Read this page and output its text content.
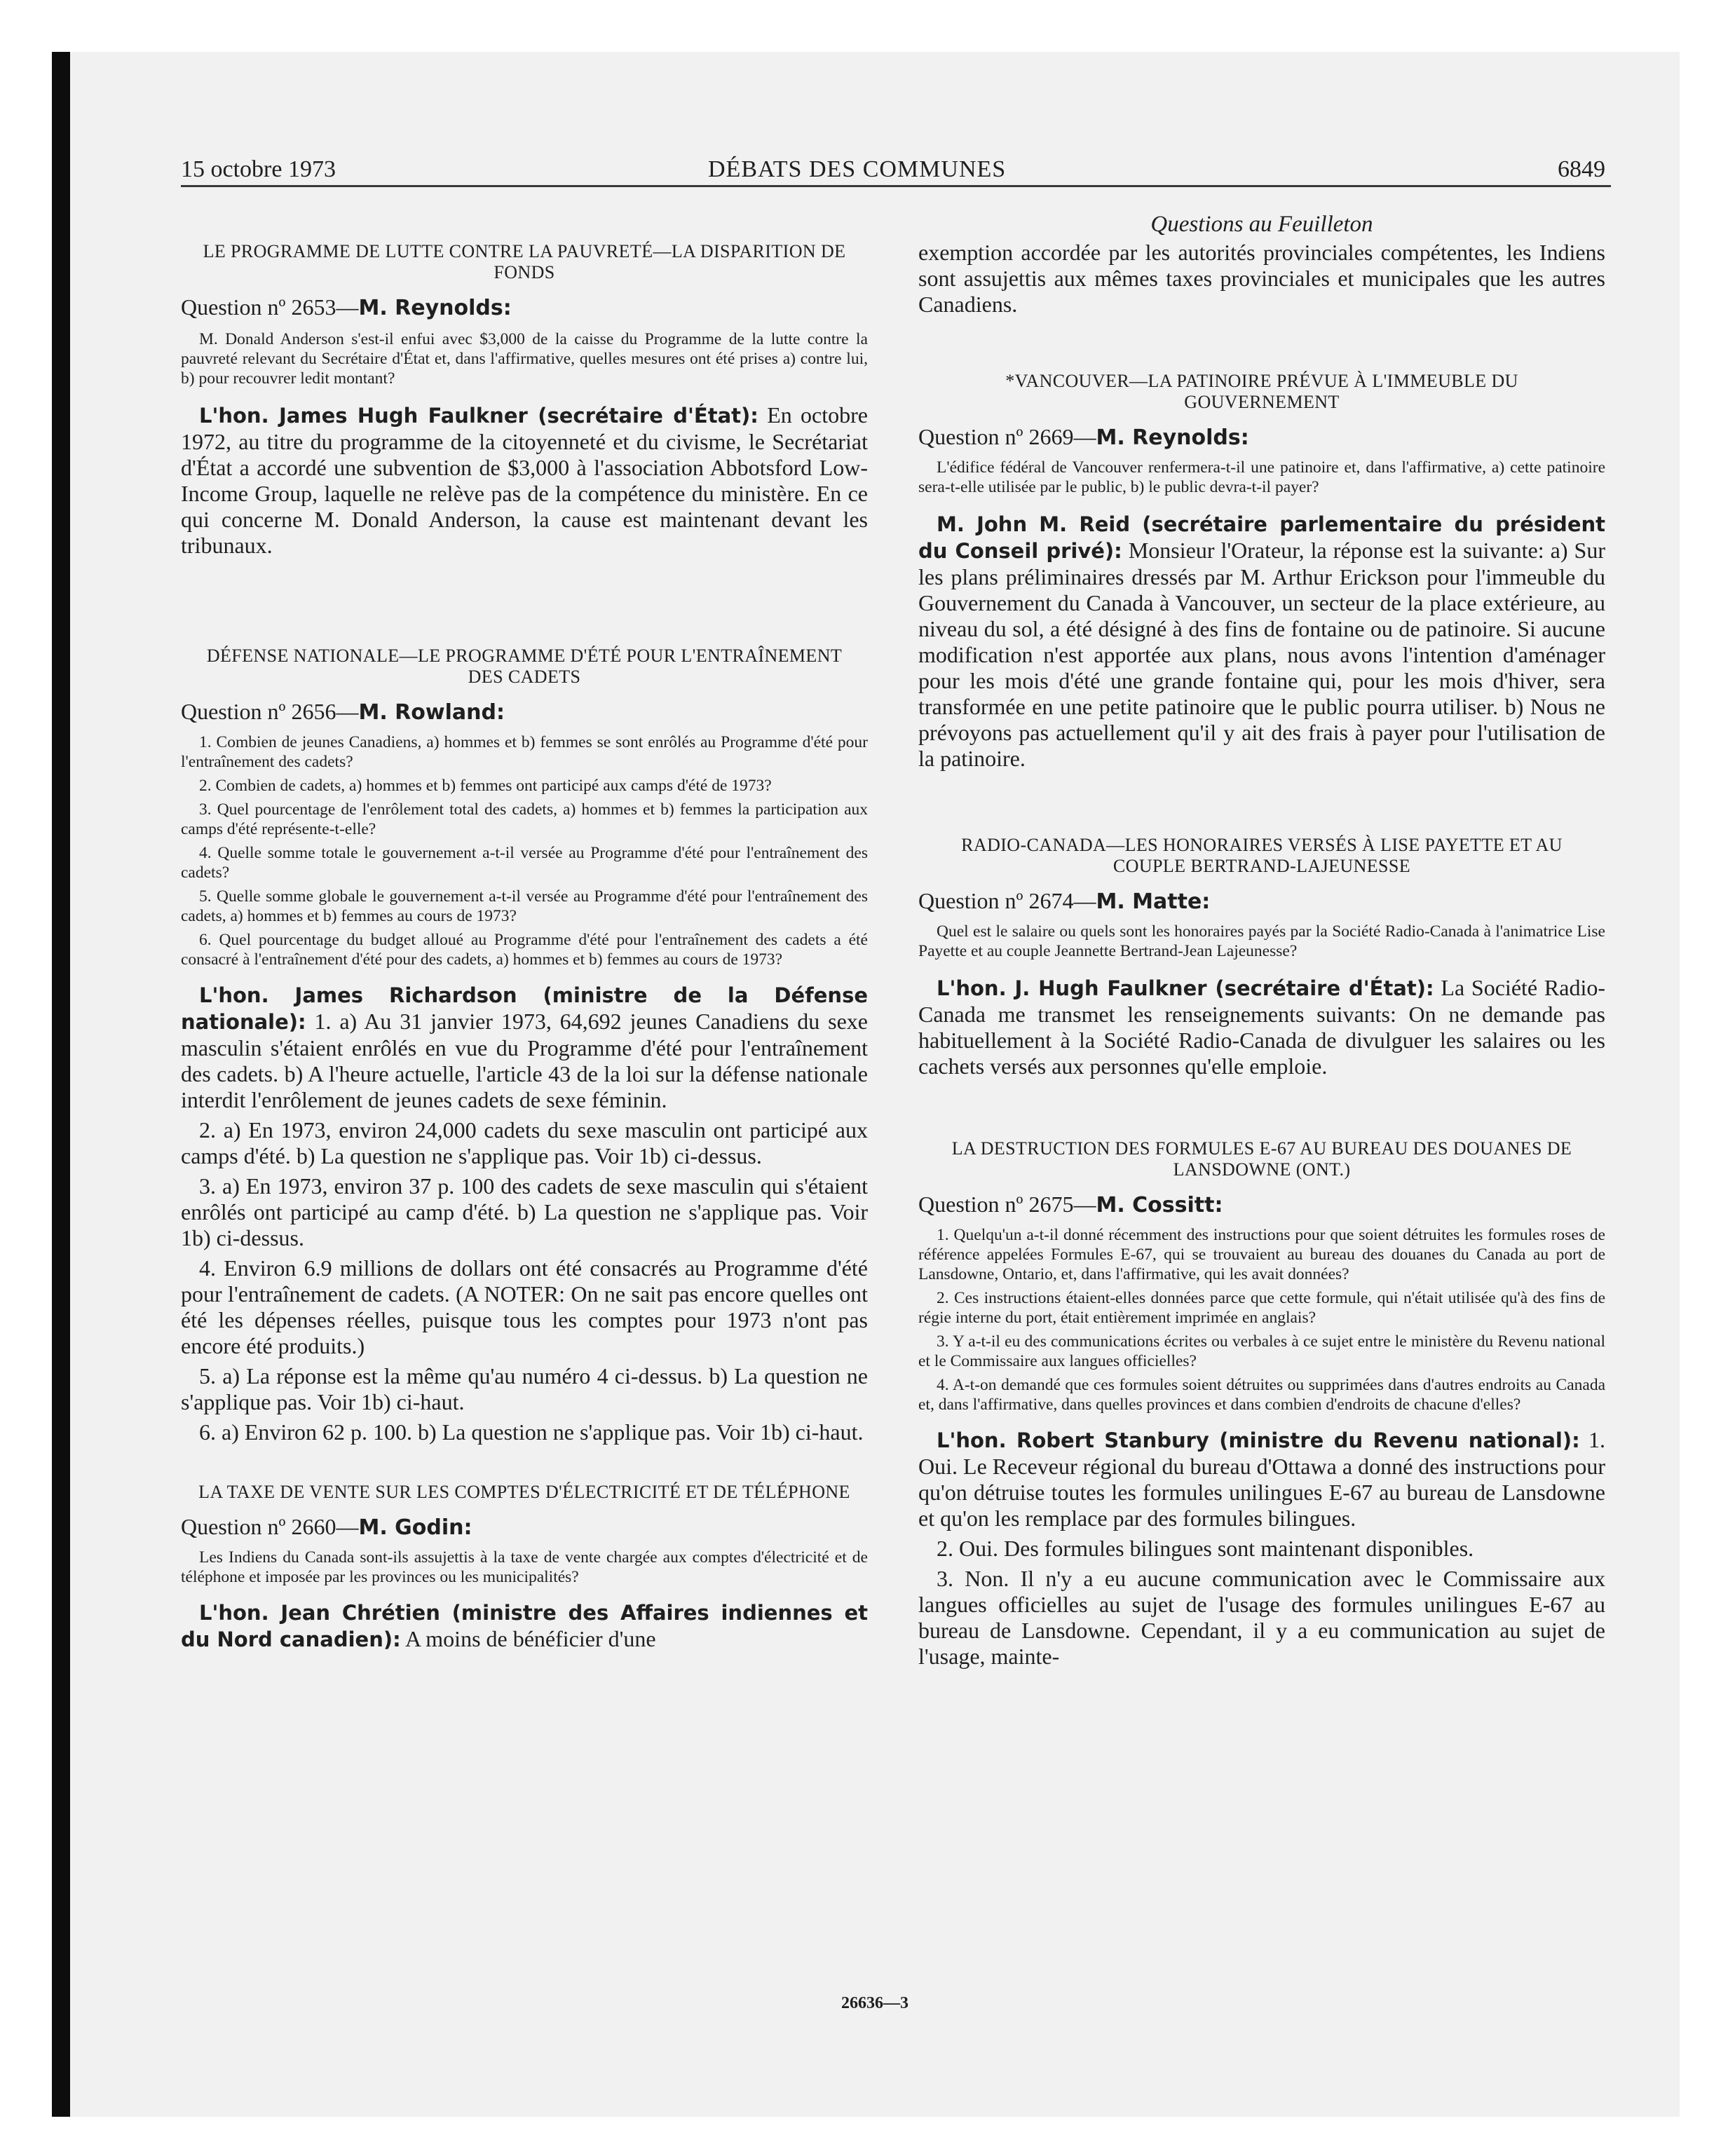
15 octobre 1973	DÉBATS DES COMMUNES	6849
LE PROGRAMME DE LUTTE CONTRE LA PAUVRETÉ—LA DISPARITION DE FONDS
Question nº 2653—M. Reynolds:

M. Donald Anderson s'est-il enfui avec $3,000 de la caisse du Programme de la lutte contre la pauvreté relevant du Secrétaire d'État et, dans l'affirmative, quelles mesures ont été prises a) contre lui, b) pour recouvrer ledit montant?

L'hon. James Hugh Faulkner (secrétaire d'État): En octobre 1972, au titre du programme de la citoyenneté et du civisme, le Secrétariat d'État a accordé une subvention de $3,000 à l'association Abbotsford Low-Income Group, laquelle ne relève pas de la compétence du ministère. En ce qui concerne M. Donald Anderson, la cause est maintenant devant les tribunaux.

DÉFENSE NATIONALE—LE PROGRAMME D'ÉTÉ POUR L'ENTRAÎNEMENT DES CADETS
Question nº 2656—M. Rowland:

1. Combien de jeunes Canadiens, a) hommes et b) femmes se sont enrôlés au Programme d'été pour l'entraînement des cadets?

2. Combien de cadets, a) hommes et b) femmes ont participé aux camps d'été de 1973?

3. Quel pourcentage de l'enrôlement total des cadets, a) hommes et b) femmes la participation aux camps d'été représente-t-elle?

4. Quelle somme totale le gouvernement a-t-il versée au Programme d'été pour l'entraînement des cadets?

5. Quelle somme globale le gouvernement a-t-il versée au Programme d'été pour l'entraînement des cadets, a) hommes et b) femmes au cours de 1973?

6. Quel pourcentage du budget alloué au Programme d'été pour l'entraînement des cadets a été consacré à l'entraînement d'été pour des cadets, a) hommes et b) femmes au cours de 1973?

L'hon. James Richardson (ministre de la Défense nationale): 1. a) Au 31 janvier 1973, 64,692 jeunes Canadiens du sexe masculin s'étaient enrôlés en vue du Programme d'été pour l'entraînement des cadets. b) A l'heure actuelle, l'article 43 de la loi sur la défense nationale interdit l'enrôlement de jeunes cadets de sexe féminin.

2. a) En 1973, environ 24,000 cadets du sexe masculin ont participé aux camps d'été. b) La question ne s'applique pas. Voir 1b) ci-dessus.

3. a) En 1973, environ 37 p. 100 des cadets de sexe masculin qui s'étaient enrôlés ont participé au camp d'été. b) La question ne s'applique pas. Voir 1b) ci-dessus.

4. Environ 6.9 millions de dollars ont été consacrés au Programme d'été pour l'entraînement de cadets. (A NOTER: On ne sait pas encore quelles ont été les dépenses réelles, puisque tous les comptes pour 1973 n'ont pas encore été produits.)

5. a) La réponse est la même qu'au numéro 4 ci-dessus. b) La question ne s'applique pas. Voir 1b) ci-haut.

6. a) Environ 62 p. 100. b) La question ne s'applique pas. Voir 1b) ci-haut.

LA TAXE DE VENTE SUR LES COMPTES D'ÉLECTRICITÉ ET DE TÉLÉPHONE
Question nº 2660—M. Godin:

Les Indiens du Canada sont-ils assujettis à la taxe de vente chargée aux comptes d'électricité et de téléphone et imposée par les provinces ou les municipalités?

L'hon. Jean Chrétien (ministre des Affaires indiennes et du Nord canadien): A moins de bénéficier d'une

Questions au Feuilleton

exemption accordée par les autorités provinciales compétentes, les Indiens sont assujettis aux mêmes taxes provinciales et municipales que les autres Canadiens.

*VANCOUVER—LA PATINOIRE PRÉVUE À L'IMMEUBLE DU GOUVERNEMENT
Question nº 2669—M. Reynolds:

L'édifice fédéral de Vancouver renfermera-t-il une patinoire et, dans l'affirmative, a) cette patinoire sera-t-elle utilisée par le public, b) le public devra-t-il payer?

M. John M. Reid (secrétaire parlementaire du président du Conseil privé): Monsieur l'Orateur, la réponse est la suivante: a) Sur les plans préliminaires dressés par M. Arthur Erickson pour l'immeuble du Gouvernement du Canada à Vancouver, un secteur de la place extérieure, au niveau du sol, a été désigné à des fins de fontaine ou de patinoire. Si aucune modification n'est apportée aux plans, nous avons l'intention d'aménager pour les mois d'été une grande fontaine qui, pour les mois d'hiver, sera transformée en une petite patinoire que le public pourra utiliser. b) Nous ne prévoyons pas actuellement qu'il y ait des frais à payer pour l'utilisation de la patinoire.

RADIO-CANADA—LES HONORAIRES VERSÉS À LISE PAYETTE ET AU COUPLE BERTRAND-LAJEUNESSE
Question nº 2674—M. Matte:

Quel est le salaire ou quels sont les honoraires payés par la Société Radio-Canada à l'animatrice Lise Payette et au couple Jeannette Bertrand-Jean Lajeunesse?

L'hon. J. Hugh Faulkner (secrétaire d'État): La Société Radio-Canada me transmet les renseignements suivants: On ne demande pas habituellement à la Société Radio-Canada de divulguer les salaires ou les cachets versés aux personnes qu'elle emploie.

LA DESTRUCTION DES FORMULES E-67 AU BUREAU DES DOUANES DE LANSDOWNE (ONT.)
Question nº 2675—M. Cossitt:

1. Quelqu'un a-t-il donné récemment des instructions pour que soient détruites les formules roses de référence appelées Formules E-67, qui se trouvaient au bureau des douanes du Canada au port de Lansdowne, Ontario, et, dans l'affirmative, qui les avait données?

2. Ces instructions étaient-elles données parce que cette formule, qui n'était utilisée qu'à des fins de régie interne du port, était entièrement imprimée en anglais?

3. Y a-t-il eu des communications écrites ou verbales à ce sujet entre le ministère du Revenu national et le Commissaire aux langues officielles?

4. A-t-on demandé que ces formules soient détruites ou supprimées dans d'autres endroits au Canada et, dans l'affirmative, dans quelles provinces et dans combien d'endroits de chacune d'elles?

L'hon. Robert Stanbury (ministre du Revenu national): 1. Oui. Le Receveur régional du bureau d'Ottawa a donné des instructions pour qu'on détruise toutes les formules unilingues E-67 au bureau de Lansdowne et qu'on les remplace par des formules bilingues.

2. Oui. Des formules bilingues sont maintenant disponibles.

3. Non. Il n'y a eu aucune communication avec le Commissaire aux langues officielles au sujet de l'usage des formules unilingues E-67 au bureau de Lansdowne. Cependant, il y a eu communication au sujet de l'usage, mainte-

26636—3
